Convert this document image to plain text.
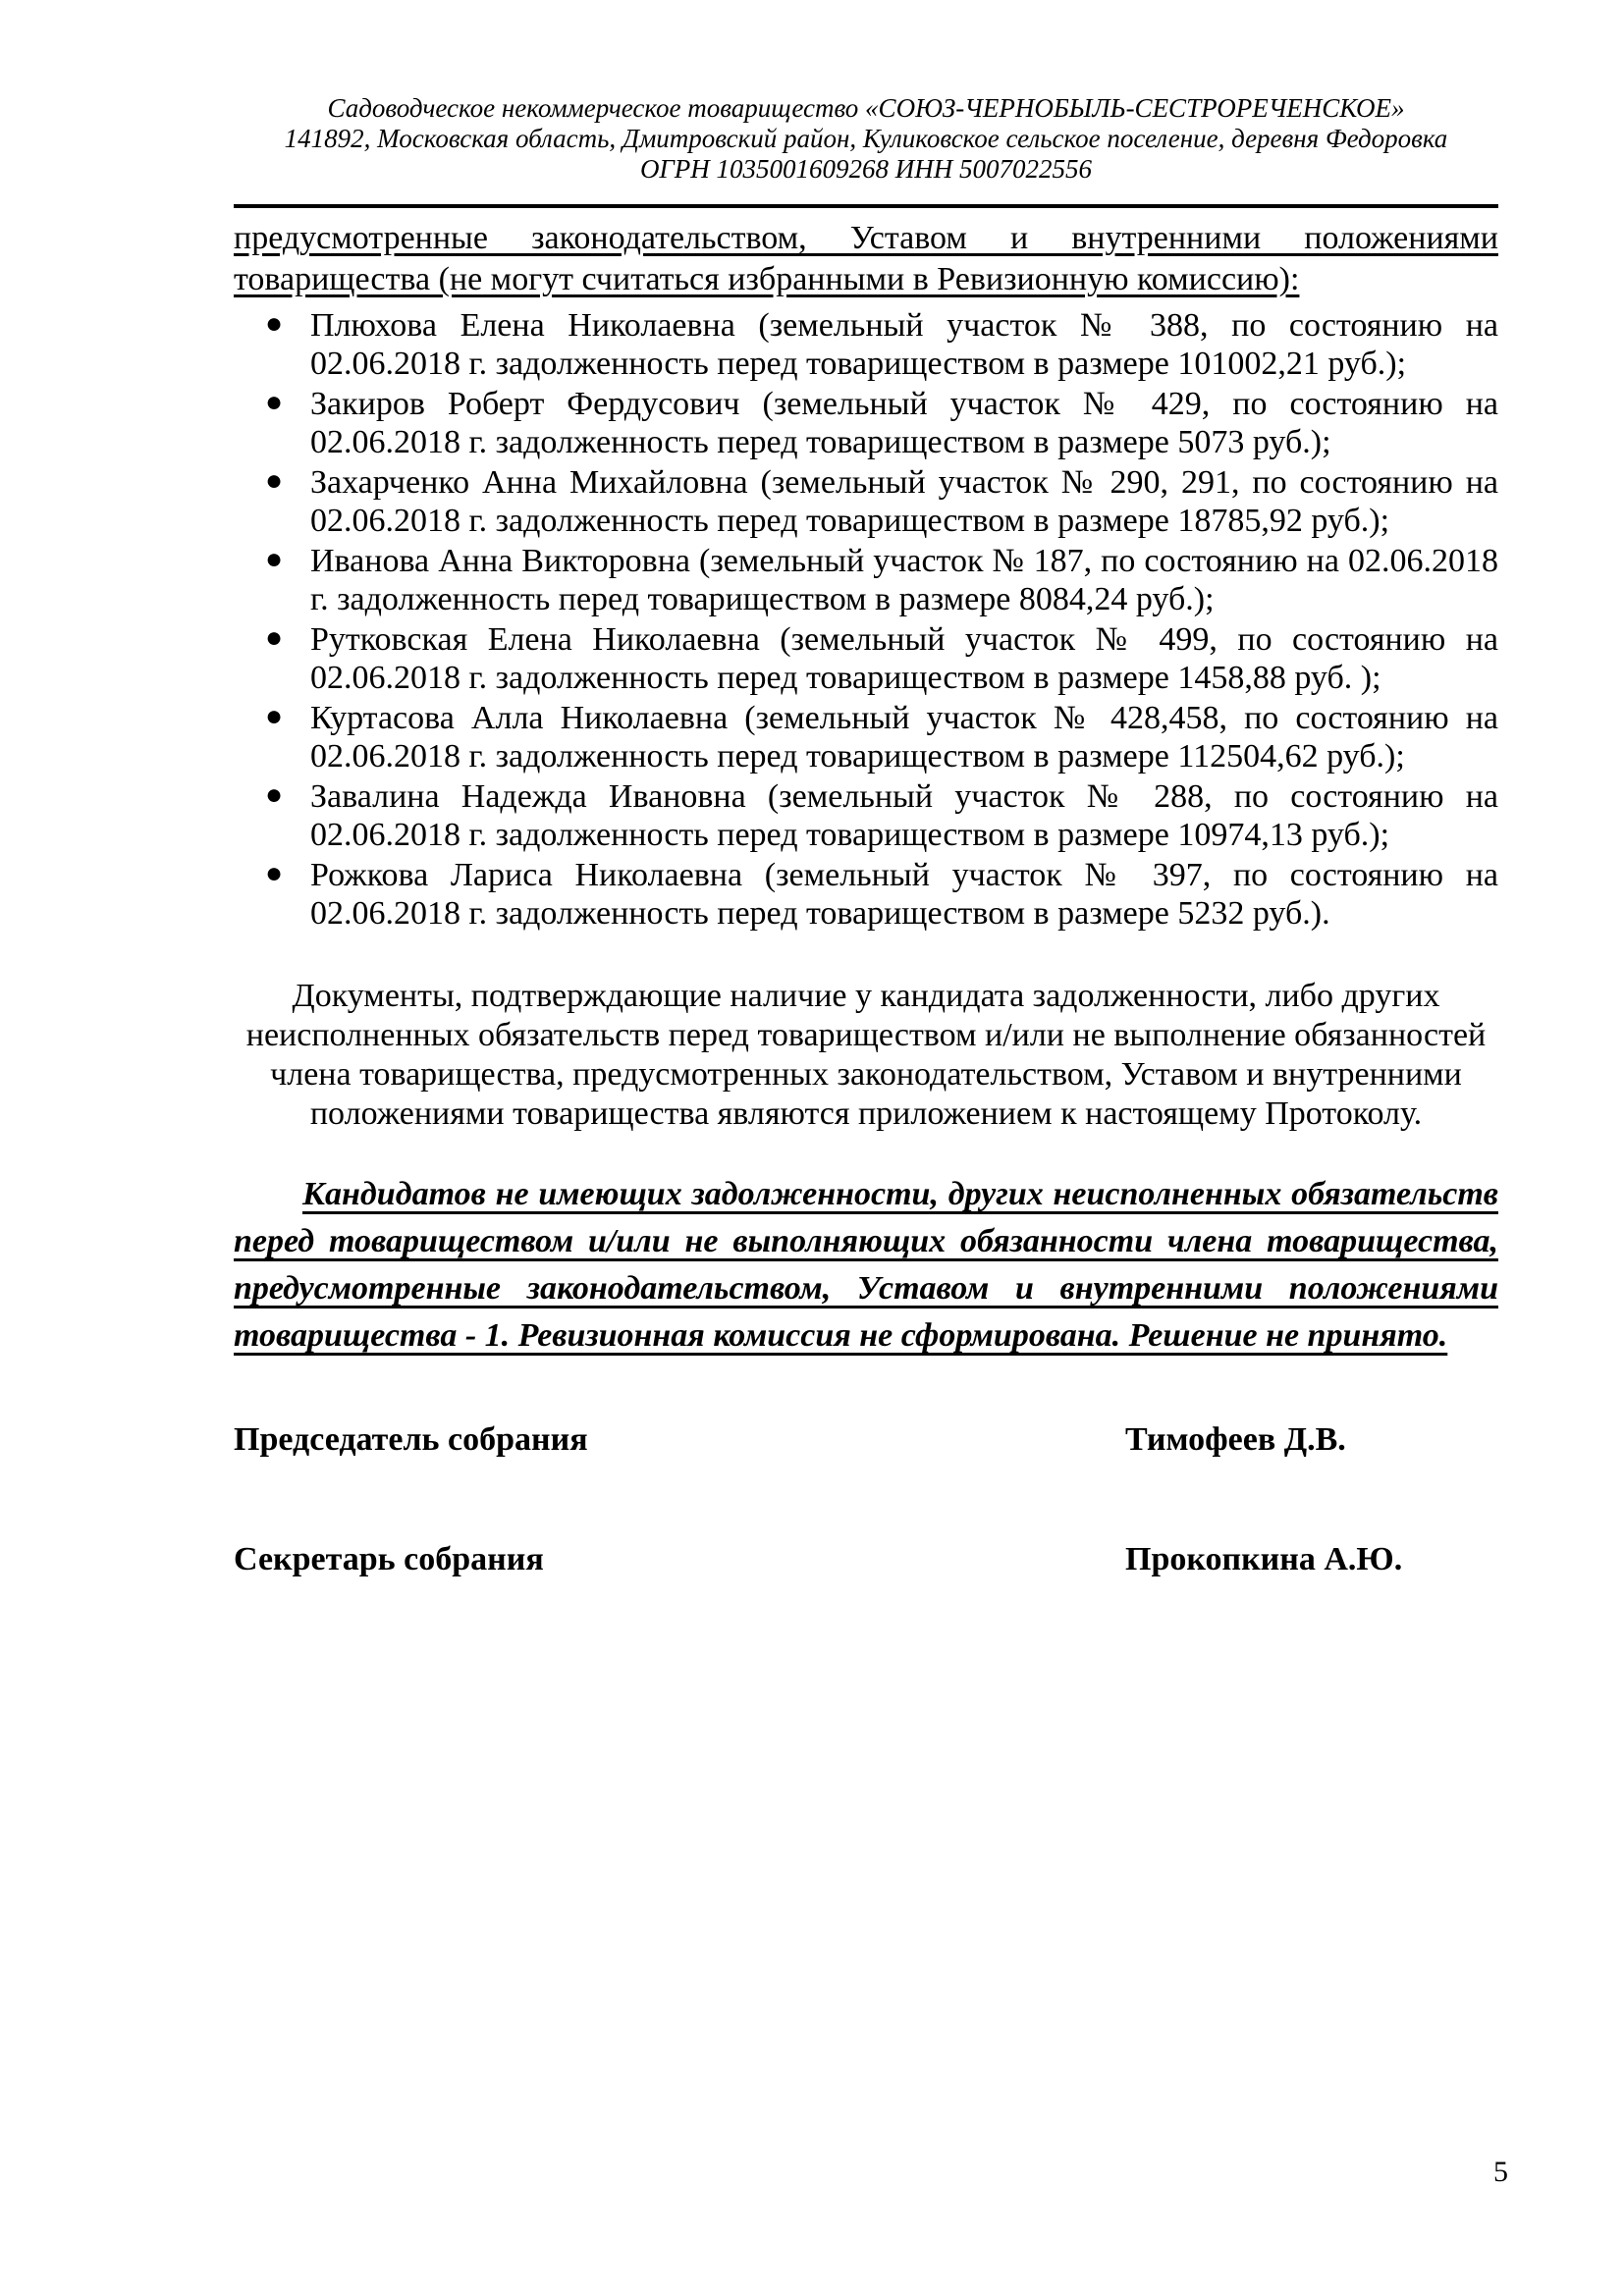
Садоводческое некоммерческое товарищество «СОЮЗ-ЧЕРНОБЫЛЬ-СЕСТРОРЕЧЕНСКОЕ»
141892, Московская область, Дмитровский район, Куликовское сельское поселение, деревня Федоровка
ОГРН 1035001609268 ИНН 5007022556
предусмотренные законодательством, Уставом и внутренними положениями
товарищества (не могут считаться избранными в Ревизионную комиссию):
● Плюхова Елена Николаевна (земельный участок № 388, по состоянию на 02.06.2018 г. задолженность перед товариществом в размере 101002,21 руб.);
● Закиров Роберт Фердусович (земельный участок № 429, по состоянию на 02.06.2018 г. задолженность перед товариществом в размере 5073 руб.);
● Захарченко Анна Михайловна (земельный участок № 290, 291, по состоянию на 02.06.2018 г. задолженность перед товариществом в размере 18785,92 руб.);
● Иванова Анна Викторовна (земельный участок № 187, по состоянию на 02.06.2018 г. задолженность перед товариществом в размере 8084,24 руб.);
● Рутковская Елена Николаевна (земельный участок № 499, по состоянию на 02.06.2018 г. задолженность перед товариществом в размере 1458,88 руб. );
● Куртасова Алла Николаевна (земельный участок № 428,458, по состоянию на 02.06.2018 г. задолженность перед товариществом в размере 112504,62 руб.);
● Завалина Надежда Ивановна (земельный участок № 288, по состоянию на 02.06.2018 г. задолженность перед товариществом в размере 10974,13 руб.);
● Рожкова Лариса Николаевна (земельный участок № 397, по состоянию на 02.06.2018 г. задолженность перед товариществом в размере 5232 руб.).
Документы, подтверждающие наличие у кандидата задолженности, либо других
неисполненных обязательств перед товариществом и/или не выполнение обязанностей
члена товарищества, предусмотренных законодательством, Уставом и внутренними
положениями товарищества являются приложением к настоящему Протоколу.
Кандидатов не имеющих задолженности, других неисполненных обязательств
перед товариществом и/или не выполняющих обязанности члена товарищества,
предусмотренные законодательством, Уставом и внутренними положениями
товарищества - 1. Ревизионная комиссия не сформирована. Решение не принято.
Председатель собрания	Тимофеев Д.В.
Секретарь собрания	Прокопкина А.Ю.
5
